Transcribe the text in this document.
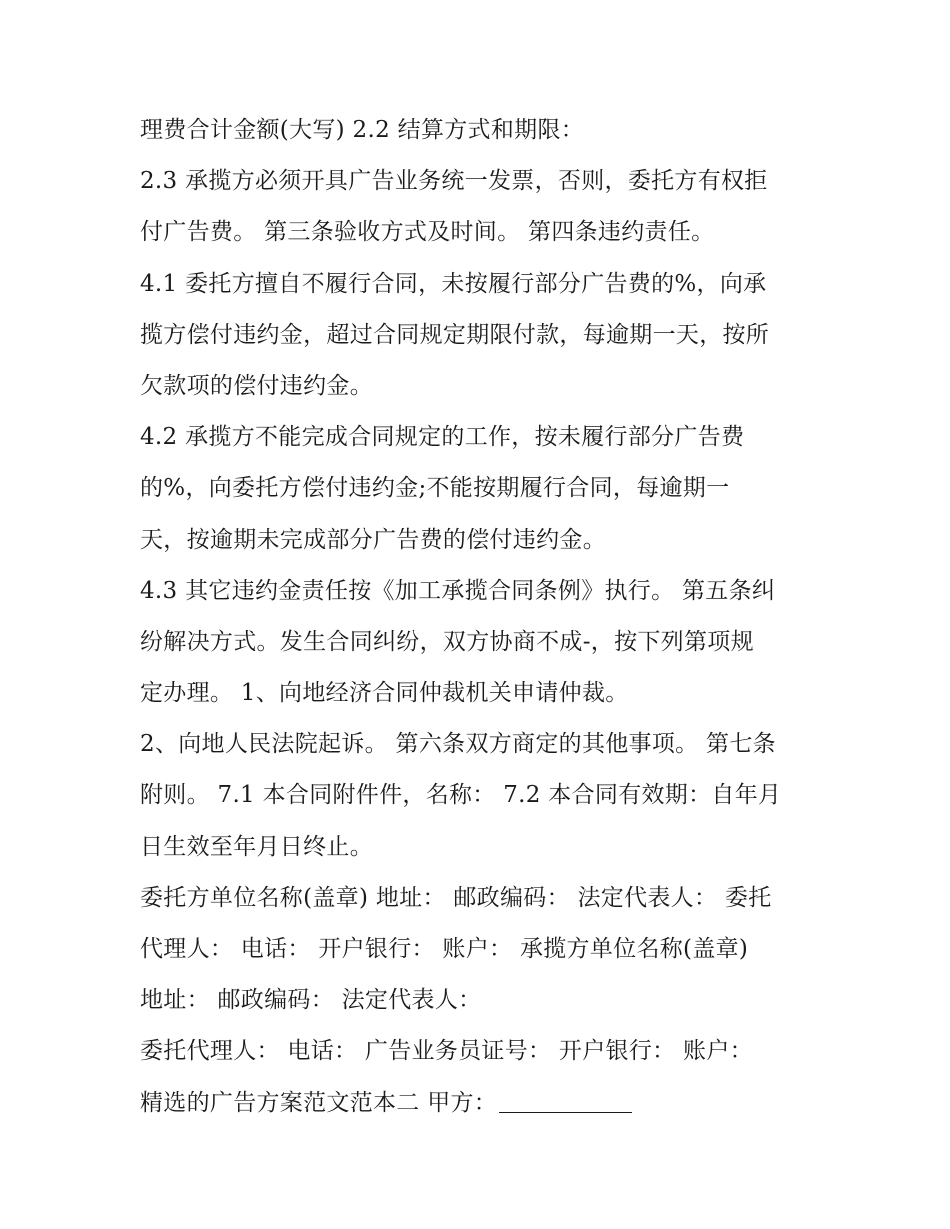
理费合计金额(大写) 2.2 结算方式和期限：
2.3 承揽方必须开具广告业务统一发票，否则，委托方有权拒
付广告费。 第三条验收方式及时间。 第四条违约责任。
4.1 委托方擅自不履行合同，未按履行部分广告费的%，向承
揽方偿付违约金，超过合同规定期限付款，每逾期一天，按所
欠款项的偿付违约金。
4.2 承揽方不能完成合同规定的工作，按未履行部分广告费
的%，向委托方偿付违约金;不能按期履行合同，每逾期一
天，按逾期未完成部分广告费的偿付违约金。
4.3 其它违约金责任按《加工承揽合同条例》执行。 第五条纠
纷解决方式。发生合同纠纷，双方协商不成-，按下列第项规
定办理。 1、向地经济合同仲裁机关申请仲裁。
2、向地人民法院起诉。 第六条双方商定的其他事项。 第七条
附则。 7.1 本合同附件件，名称： 7.2 本合同有效期：自年月
日生效至年月日终止。
委托方单位名称(盖章) 地址： 邮政编码： 法定代表人： 委托
代理人： 电话： 开户银行： 账户： 承揽方单位名称(盖章)
地址： 邮政编码： 法定代表人：
委托代理人： 电话： 广告业务员证号： 开户银行： 账户：
精选的广告方案范文范本二 甲方：
